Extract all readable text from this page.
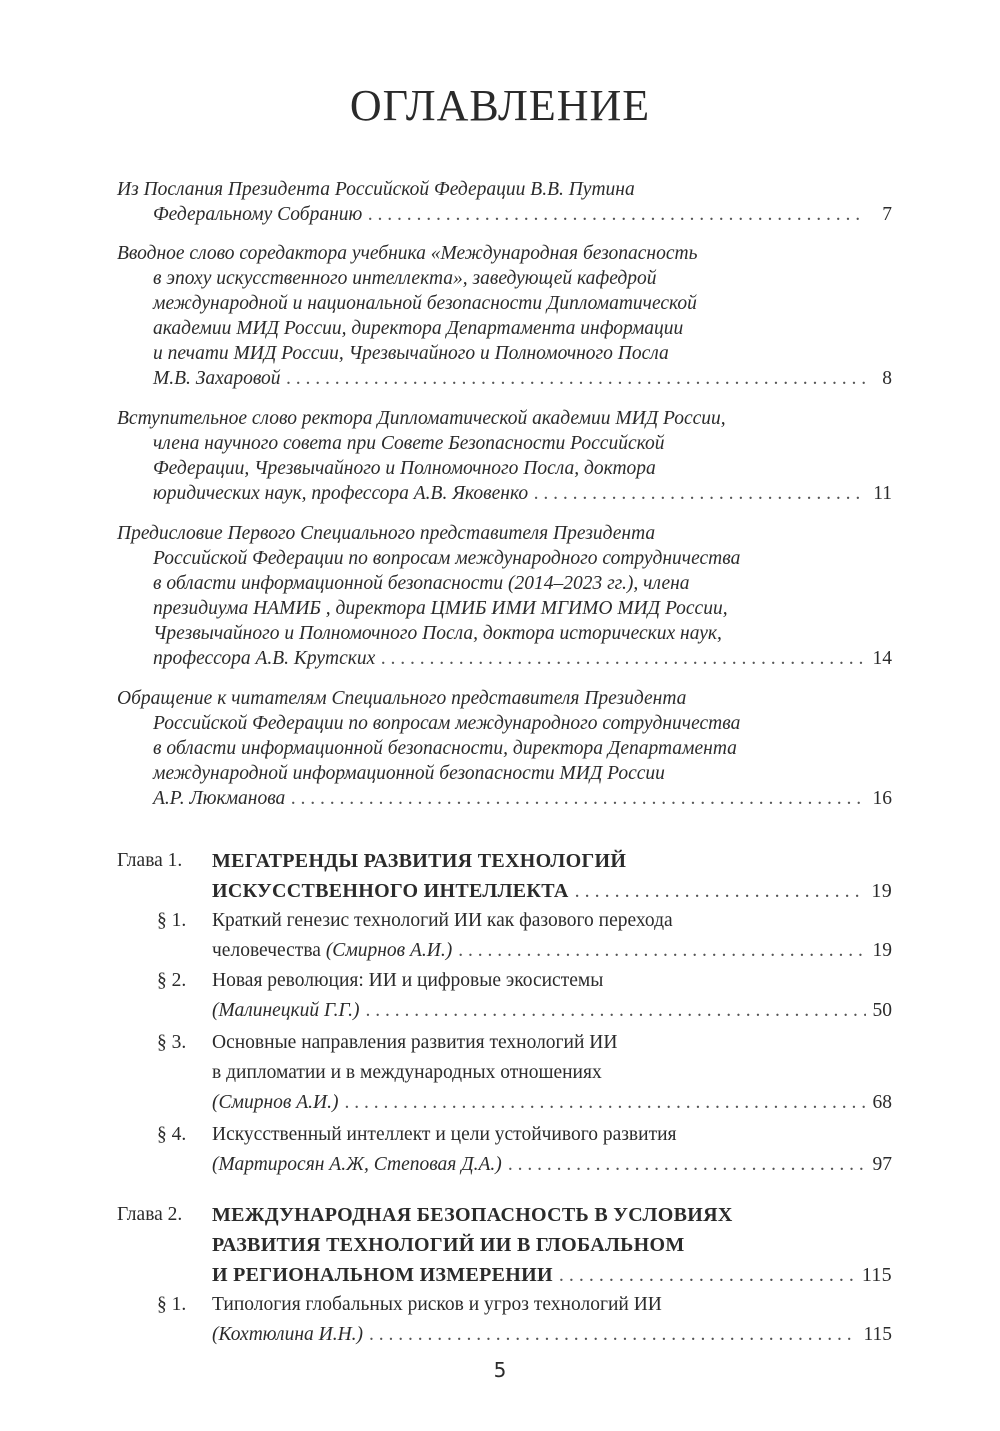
ОГЛАВЛЕНИЕ
Из Послания Президента Российской Федерации В.В. Путина
Федеральному Собранию . . .	7
Вводное слово соредактора учебника «Международная безопасность
в эпоху искусственного интеллекта», заведующей кафедрой
международной и национальной безопасности Дипломатической
академии МИД России, директора Департамента информации
и печати МИД России, Чрезвычайного и Полномочного Посла
М.В. Захаровой . . .	8
Вступительное слово ректора Дипломатической академии МИД России,
члена научного совета при Совете Безопасности Российской
Федерации, Чрезвычайного и Полномочного Посла, доктора
юридических наук, профессора А.В. Яковенко . . .	11
Предисловие Первого Специального представителя Президента
Российской Федерации по вопросам международного сотрудничества
в области информационной безопасности (2014–2023 гг.), члена
президиума НАМИБ , директора ЦМИБ ИМИ МГИМО МИД России,
Чрезвычайного и Полномочного Посла, доктора исторических наук,
профессора А.В. Крутских . . .	14
Обращение к читателям Специального представителя Президента
Российской Федерации по вопросам международного сотрудничества
в области информационной безопасности, директора Департамента
международной информационной безопасности МИД России
А.Р. Люкманова . . .	16
Глава 1. МЕГАТРЕНДЫ РАЗВИТИЯ ТЕХНОЛОГИЙ
ИСКУССТВЕННОГО ИНТЕЛЛЕКТА . . .	19
§ 1. Краткий генезис технологий ИИ как фазового перехода
человечества (Смирнов А.И.) . . .	19
§ 2. Новая революция: ИИ и цифровые экосистемы
(Малинецкий Г.Г.) . . .	50
§ 3. Основные направления развития технологий ИИ
в дипломатии и в международных отношениях
(Смирнов А.И.) . . .	68
§ 4. Искусственный интеллект и цели устойчивого развития
(Мартиросян А.Ж, Степовая Д.А.) . . .	97
Глава 2. МЕЖДУНАРОДНАЯ БЕЗОПАСНОСТЬ В УСЛОВИЯХ
РАЗВИТИЯ ТЕХНОЛОГИЙ ИИ В ГЛОБАЛЬНОМ
И РЕГИОНАЛЬНОМ ИЗМЕРЕНИИ . . .	115
§ 1. Типология глобальных рисков и угроз технологий ИИ
(Кохтюлина И.Н.) . . .	115
5
